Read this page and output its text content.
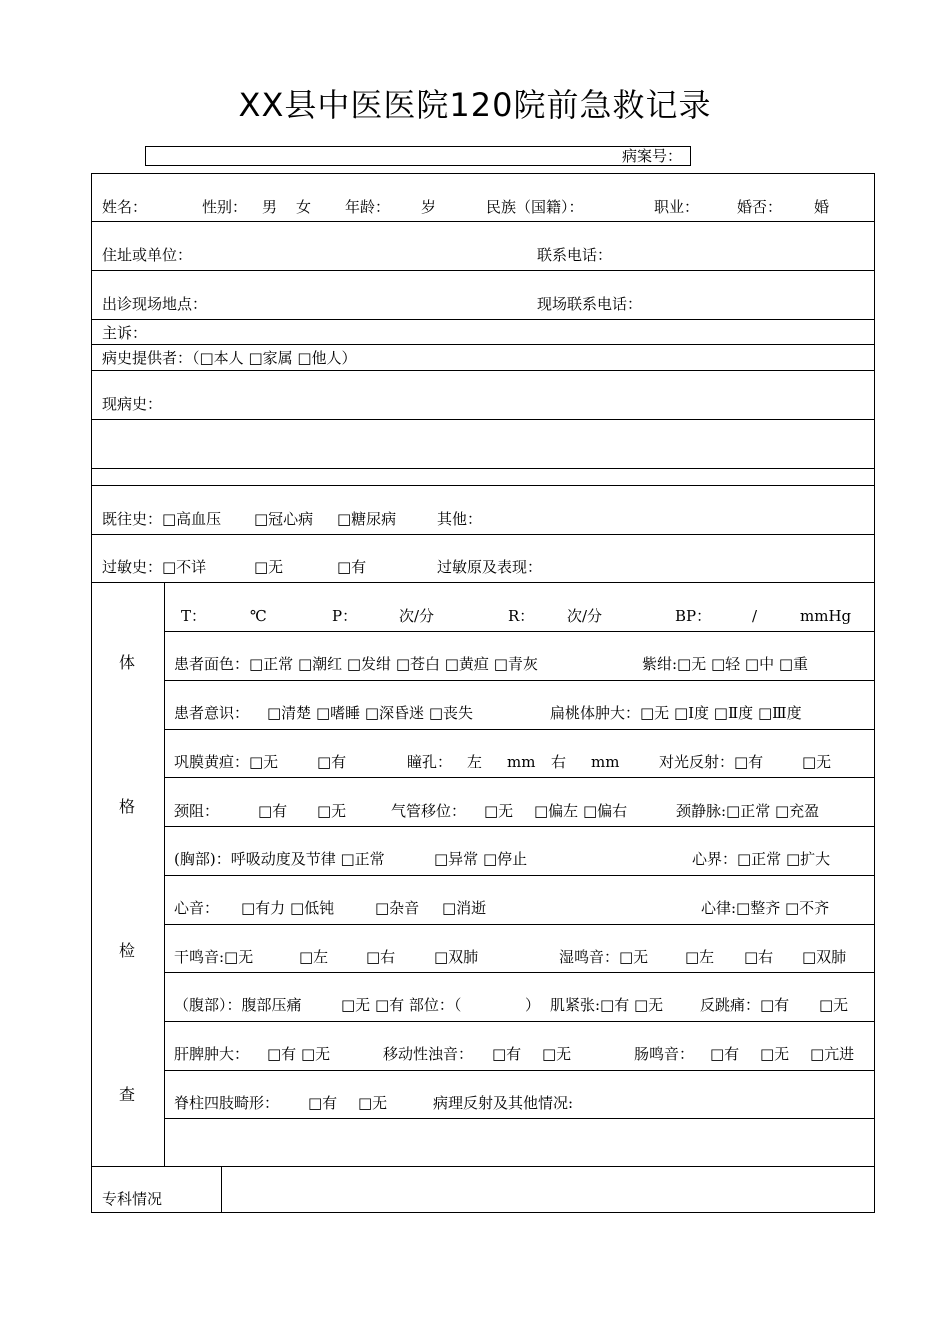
XX县中医医院120院前急救记录
病案号：
姓名：	性别： 男 女 年龄： 岁	民族（国籍）：	职业：	婚否： 婚
住址或单位：	联系电话：
出诊现场地点：	现场联系电话：
主诉：
病史提供者：（□本人 □家属 □他人）
现病史：
既往史：□高血压 □冠心病 □糖尿病	其他：
过敏史：□不详	□无	□有	过敏原及表现：
体
格
检
查
T：	℃	P：	次/分	R： 次/分	BP：	/	mmHg
患者面色：□正常 □潮红 □发绀 □苍白 □黄疸 □青灰	紫绀:□无 □轻 □中 □重
患者意识： □清楚 □嗜睡 □深昏迷 □丧失	扁桃体肿大：□无 □Ⅰ度 □Ⅱ度 □Ⅲ度
巩膜黄疸：□无	□有	瞳孔： 左 mm 右 mm	对光反射：□有	□无
颈阻：	□有 □无	气管移位： □无 □偏左 □偏右	颈静脉:□正常 □充盈
(胸部)：呼吸动度及节律 □正常	□异常 □停止	心界：□正常 □扩大
心音： □有力 □低钝	□杂音 □消逝	心律:□整齐 □不齐
干鸣音:□无	□左	□右	□双肺	湿鸣音：□无 □左 □右 □双肺
（腹部）：腹部压痛	□无 □有 部位：（	） 肌紧张:□有 □无 反跳痛：□有 □无
肝脾肿大： □有 □无	移动性浊音： □有 □无	肠鸣音： □有 □无 □亢进
脊柱四肢畸形： □有 □无	病理反射及其他情况:
专科情况
